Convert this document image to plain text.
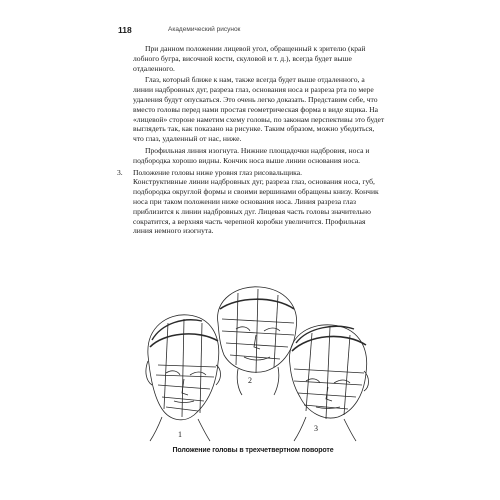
118	Академический рисунок

При данном положении лицевой угол, обращенный к зрителю (край лобного бугра, височной кости, скуловой и т. д.), всегда будет выше отдаленного.

Глаз, который ближе к нам, также всегда будет выше отдаленного, а линии надбровных дуг, разреза глаз, основания носа и разреза рта по мере удаления будут опускаться. Это очень легко доказать. Представим себе, что вместо головы перед нами простая геометрическая форма в виде ящика. На «лицевой» стороне наметим схему головы, по законам перспективы это будет выглядеть так, как показано на рисунке. Таким образом, можно убедиться, что глаз, удаленный от нас, ниже.

Профильная линия изогнута. Нижние площадочки надбровия, носа и подбородка хорошо видны. Кончик носа выше линии основания носа.

3. Положение головы ниже уровня глаз рисовальщика.

Конструктивные линии надбровных дуг, разреза глаз, основания носа, губ, подбородка округлой формы и своими вершинами обращены книзу. Кончик носа при таком положении ниже основания носа. Линия разреза глаз приблизится к линии надбровных дуг. Лицевая часть головы значительно сократится, а верхняя часть черепной коробки увеличится. Профильная линия немного изогнута.

1
2
3
Положение головы в трехчетвертном повороте
